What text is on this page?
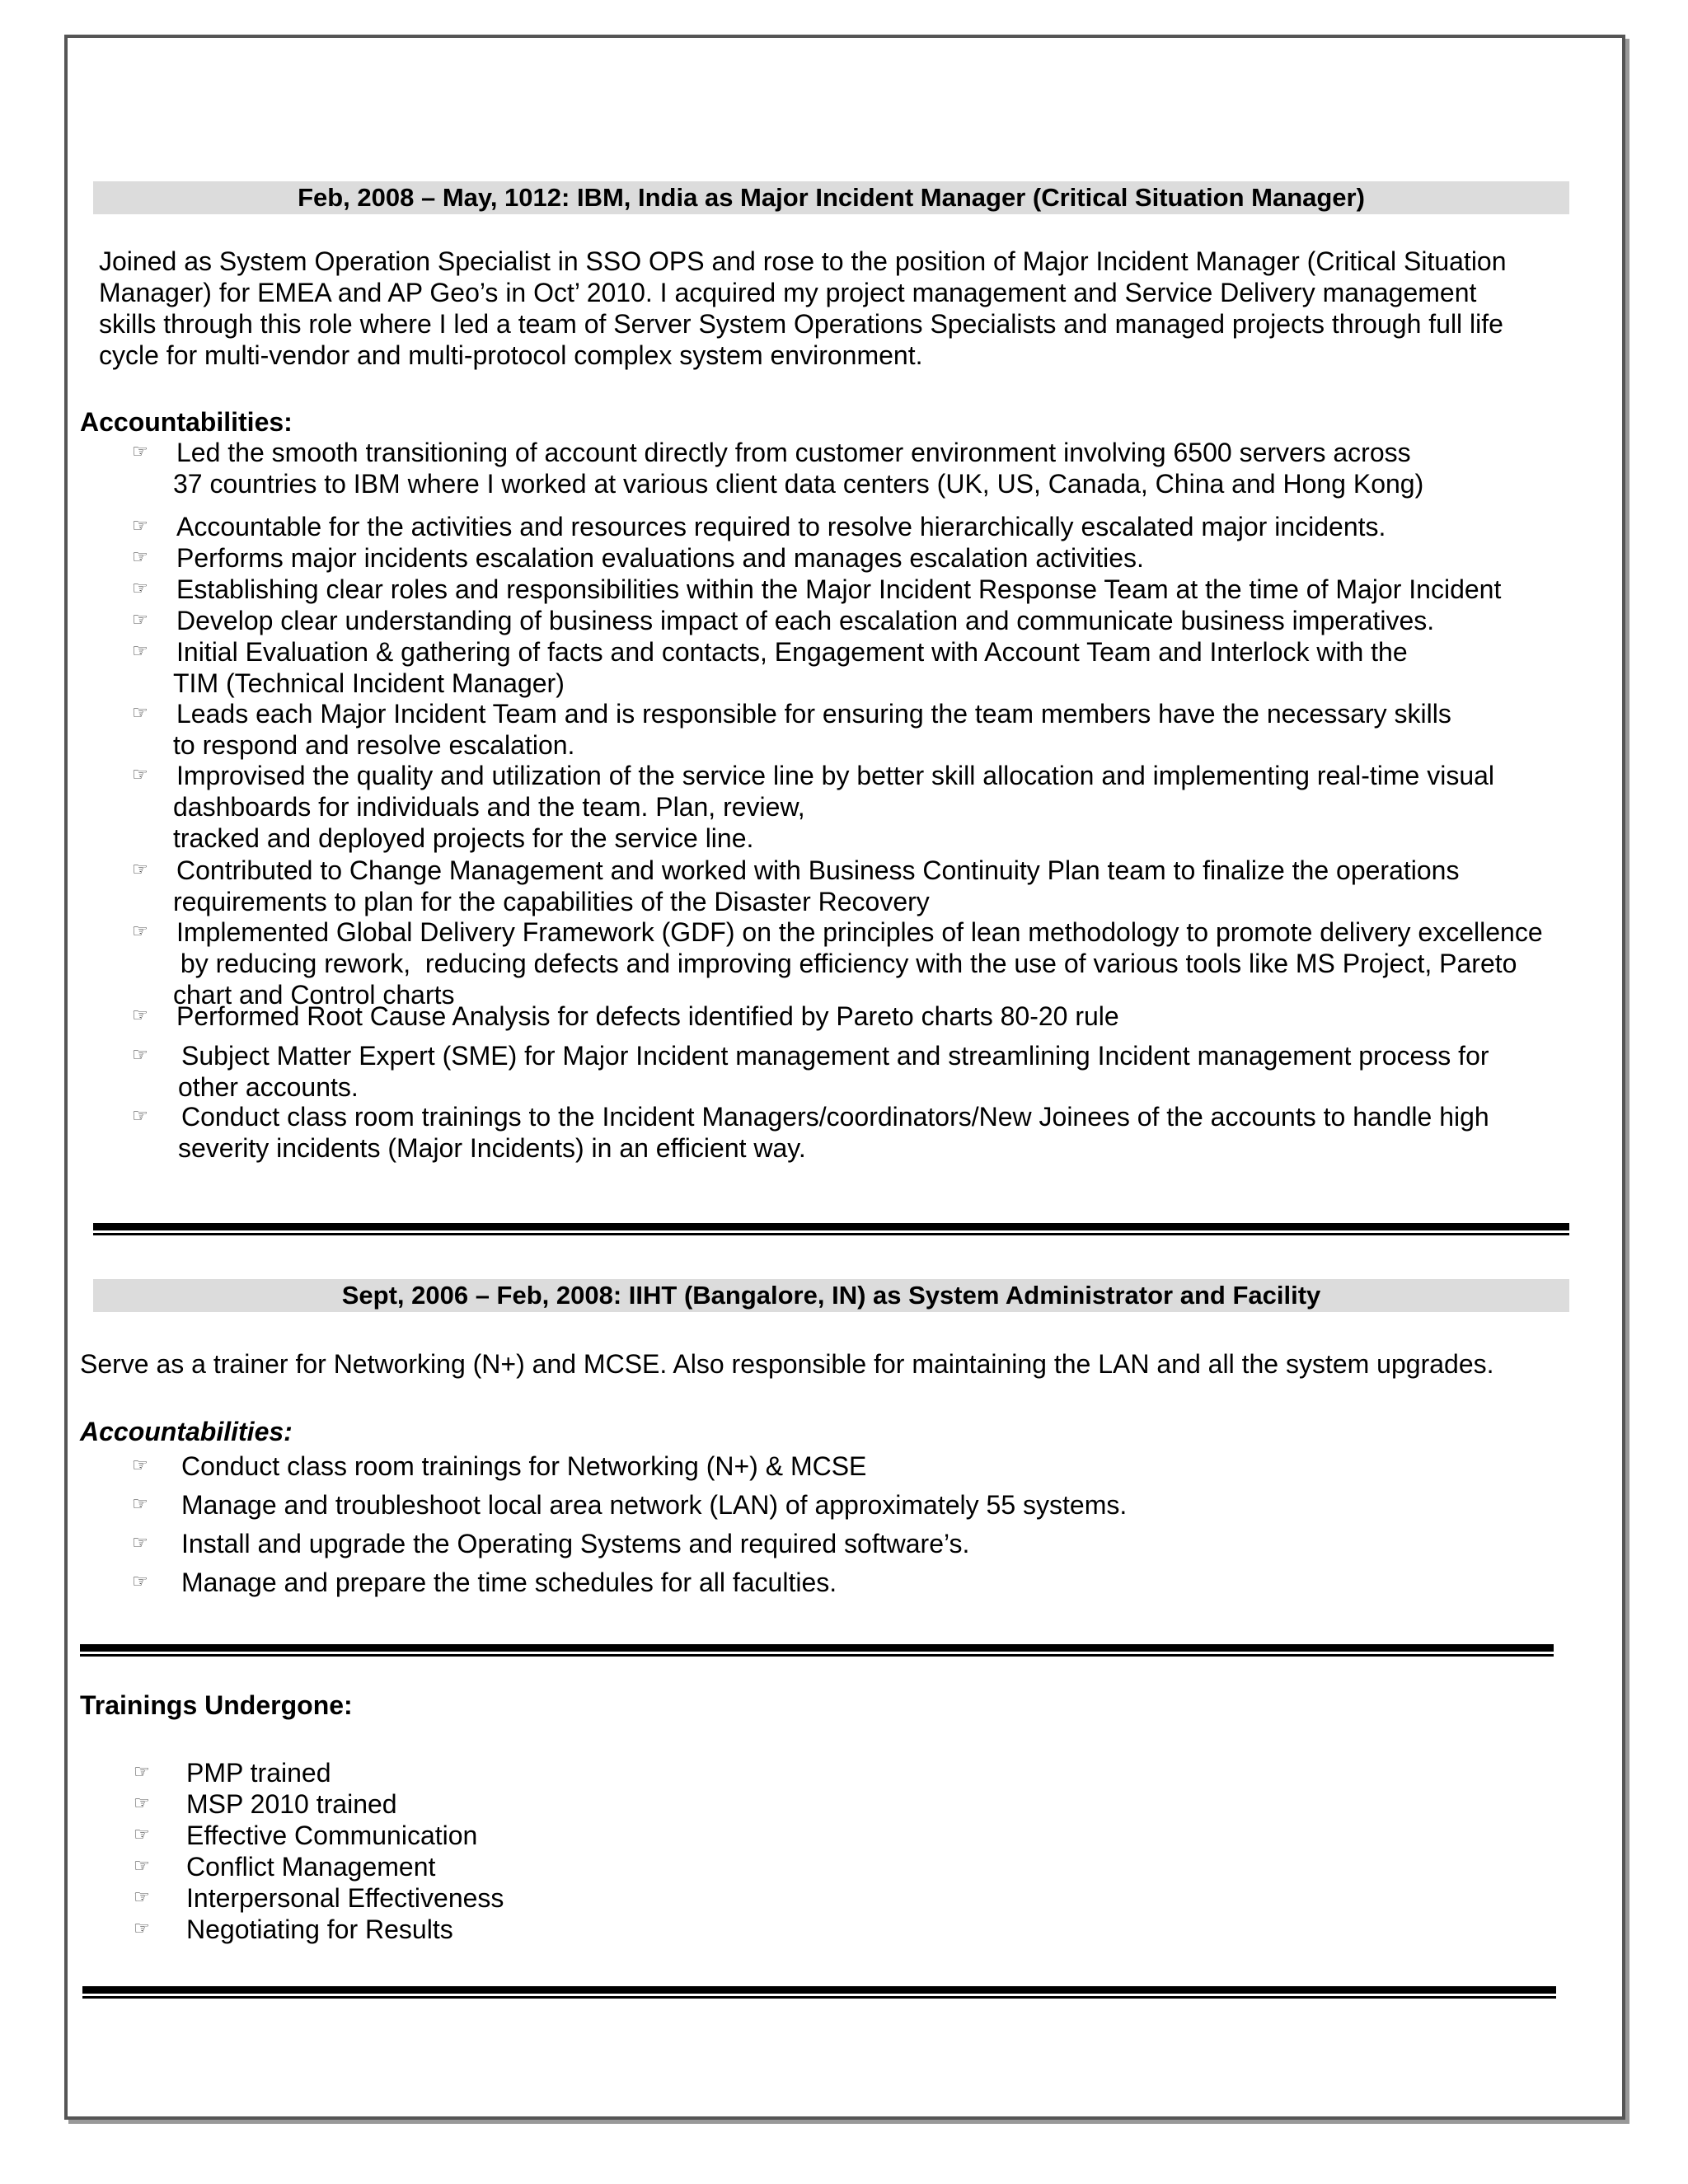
Feb, 2008 – May, 1012: IBM, India as Major Incident Manager (Critical Situation Manager)
Joined as System Operation Specialist in SSO OPS and rose to the position of Major Incident Manager (Critical Situation
Manager) for EMEA and AP Geo’s in Oct’ 2010. I acquired my project management and Service Delivery management
skills through this role where I led a team of Server System Operations Specialists and managed projects through full life
cycle for multi-vendor and multi-protocol complex system environment.
Accountabilities:
☞ Led the smooth transitioning of account directly from customer environment involving 6500 servers across
37 countries to IBM where I worked at various client data centers (UK, US, Canada, China and Hong Kong)
☞ Accountable for the activities and resources required to resolve hierarchically escalated major incidents.
☞ Performs major incidents escalation evaluations and manages escalation activities.
☞ Establishing clear roles and responsibilities within the Major Incident Response Team at the time of Major Incident
☞ Develop clear understanding of business impact of each escalation and communicate business imperatives.
☞ Initial Evaluation & gathering of facts and contacts, Engagement with Account Team and Interlock with the
TIM (Technical Incident Manager)
☞ Leads each Major Incident Team and is responsible for ensuring the team members have the necessary skills
to respond and resolve escalation.
☞ Improvised the quality and utilization of the service line by better skill allocation and implementing real-time visual
dashboards for individuals and the team. Plan, review,
tracked and deployed projects for the service line.
☞ Contributed to Change Management and worked with Business Continuity Plan team to finalize the operations
requirements to plan for the capabilities of the Disaster Recovery
☞ Implemented Global Delivery Framework (GDF) on the principles of lean methodology to promote delivery excellence
by reducing rework,  reducing defects and improving efficiency with the use of various tools like MS Project, Pareto
chart and Control charts
☞ Performed Root Cause Analysis for defects identified by Pareto charts 80-20 rule
☞ Subject Matter Expert (SME) for Major Incident management and streamlining Incident management process for
other accounts.
☞ Conduct class room trainings to the Incident Managers/coordinators/New Joinees of the accounts to handle high
severity incidents (Major Incidents) in an efficient way.
Sept, 2006 – Feb, 2008: IIHT (Bangalore, IN) as System Administrator and Facility
Serve as a trainer for Networking (N+) and MCSE. Also responsible for maintaining the LAN and all the system upgrades.
Accountabilities:
☞ Conduct class room trainings for Networking (N+) & MCSE
☞ Manage and troubleshoot local area network (LAN) of approximately 55 systems.
☞ Install and upgrade the Operating Systems and required software’s.
☞ Manage and prepare the time schedules for all faculties.
Trainings Undergone:
☞ PMP trained
☞ MSP 2010 trained
☞ Effective Communication
☞ Conflict Management
☞ Interpersonal Effectiveness
☞ Negotiating for Results
